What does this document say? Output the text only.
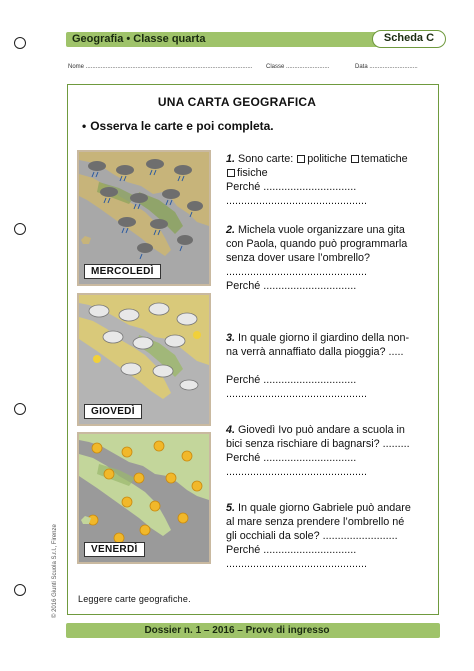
Geografia • Classe quarta	Scheda C
Nome .................................................................................................... Classe ..........................	Data .............................
UNA CARTA GEOGRAFICA
• Osserva le carte e poi completa.
MERCOLEDÌ
GIOVEDÌ
VENERDÌ
1. Sono carte: politiche tematiche
fisiche
Perché ...............................
...............................................
2. Michela vuole organizzare una gita
con Paola, quando può programmarla
senza dover usare l’ombrello?
...............................................
Perché ...............................
3. In quale giorno il giardino della non-
na verrà annaffiato dalla pioggia? .....

Perché ...............................
...............................................
4. Giovedì Ivo può andare a scuola in
bici senza rischiare di bagnarsi? .........
Perché ...............................
...............................................
5. In quale giorno Gabriele può andare
al mare senza prendere l’ombrello né
gli occhiali da sole? .........................
Perché ...............................
...............................................
Leggere carte geografiche.
Dossier n. 1 – 2016 – Prove di ingresso
© 2016 Giunti Scuola S.r.l., Firenze
